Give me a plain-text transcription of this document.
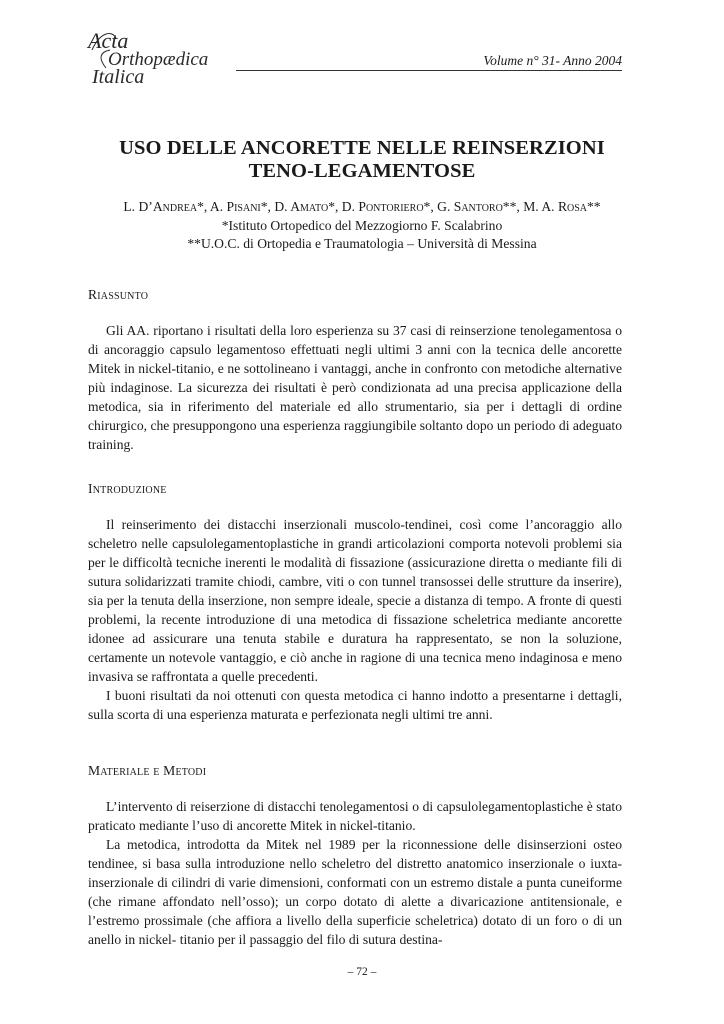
Acta
Orthopædica
Italica
Volume n° 31- Anno 2004
USO DELLE ANCORETTE NELLE REINSERZIONI
TENO-LEGAMENTOSE
L. D’Andrea*, A. Pisani*, D. Amato*, D. Pontoriero*, G. Santoro**, M. A. Rosa**
*Istituto Ortopedico del Mezzogiorno F. Scalabrino
**U.O.C. di Ortopedia e Traumatologia – Università di Messina
Riassunto

Gli AA. riportano i risultati della loro esperienza su 37 casi di reinserzione tenolegamentosa o di ancoraggio capsulo legamentoso effettuati negli ultimi 3 anni con la tecnica delle ancorette Mitek in nickel-titanio, e ne sottolineano i vantaggi, anche in confronto con metodiche alternative più indaginose. La sicurezza dei risultati è però condizionata ad una precisa applicazione della metodica, sia in riferimento del materiale ed allo strumentario, sia per i dettagli di ordine chirurgico, che presuppongono una esperienza raggiungibile soltanto dopo un periodo di adeguato training.

Introduzione

Il reinserimento dei distacchi inserzionali muscolo-tendinei, così come l’ancoraggio allo scheletro nelle capsulolegamentoplastiche in grandi articolazioni comporta notevoli problemi sia per le difficoltà tecniche inerenti le modalità di fissazione (assicurazione diretta o mediante fili di sutura solidarizzati tramite chiodi, cambre, viti o con tunnel transossei delle strutture da inserire), sia per la tenuta della inserzione, non sempre ideale, specie a distanza di tempo. A fronte di questi problemi, la recente introduzione di una metodica di fissazione scheletrica mediante ancorette idonee ad assicurare una tenuta stabile e duratura ha rappresentato, se non la soluzione, certamente un notevole vantaggio, e ciò anche in ragione di una tecnica meno indaginosa e meno invasiva se raffrontata a quelle precedenti.

I buoni risultati da noi ottenuti con questa metodica ci hanno indotto a presentarne i dettagli, sulla scorta di una esperienza maturata e perfezionata negli ultimi tre anni.

Materiale e Metodi

L’intervento di reiserzione di distacchi tenolegamentosi o di capsulolegamentoplastiche è stato praticato mediante l’uso di ancorette Mitek in nickel-titanio.

La metodica, introdotta da Mitek nel 1989 per la riconnessione delle disinserzioni osteo tendinee, si basa sulla introduzione nello scheletro del distretto anatomico inserzionale o iuxta-inserzionale di cilindri di varie dimensioni, conformati con un estremo distale a punta cuneiforme (che rimane affondato nell’osso); un corpo dotato di alette a divaricazione antitensionale, e l’estremo prossimale (che affiora a livello della superficie scheletrica) dotato di un foro o di un anello in nickel- titanio per il passaggio del filo di sutura destina-

– 72 –
